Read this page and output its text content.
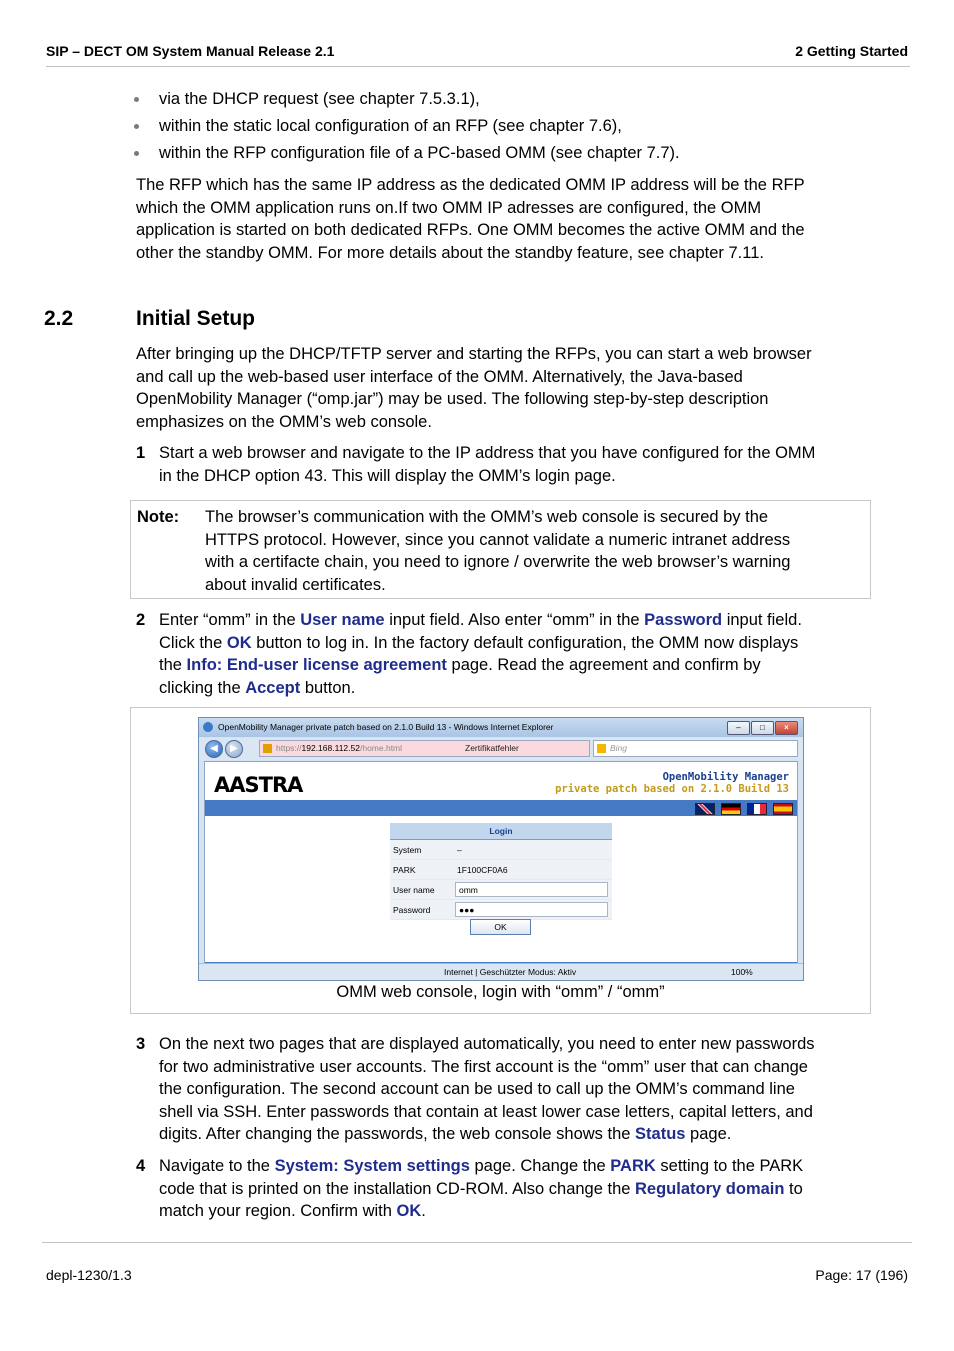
SIP – DECT OM System Manual Release 2.1	2 Getting Started
via the DHCP request (see chapter 7.5.3.1),
within the static local configuration of an RFP (see chapter 7.6),
within the RFP configuration file of a PC-based OMM (see chapter 7.7).
The RFP which has the same IP address as the dedicated OMM IP address will be the RFP
which the OMM application runs on.If two OMM IP adresses are configured, the OMM
application is started on both dedicated RFPs. One OMM becomes the active OMM and the
other the standby OMM. For more details about the standby feature, see chapter 7.11.
2.2	Initial Setup
After bringing up the DHCP/TFTP server and starting the RFPs, you can start a web browser
and call up the web-based user interface of the OMM. Alternatively, the Java-based
OpenMobility Manager (“omp.jar”) may be used. The following step-by-step description
emphasizes on the OMM’s web console.
1 Start a web browser and navigate to the IP address that you have configured for the OMM
in the DHCP option 43. This will display the OMM’s login page.
Note: The browser’s communication with the OMM’s web console is secured by the
HTTPS protocol. However, since you cannot validate a numeric intranet address
with a certifacte chain, you need to ignore / overwrite the web browser’s warning
about invalid certificates.
2 Enter “omm” in the User name input field. Also enter “omm” in the Password input field.
Click the OK button to log in. In the factory default configuration, the OMM now displays
the Info: End-user license agreement page. Read the agreement and confirm by
clicking the Accept button.
OpenMobility Manager private patch based on 2.1.0 Build 13 - Windows Internet Explorer	–	□	×
◀	▶	https://192.168.112.52/home.html	Zertifikatfehler	Bing
AASTRA	OpenMobility Manager
private patch based on 2.1.0 Build 13
Login
System	–
PARK	1F100CF0A6
User name	omm
Password	●●●
OK
Internet | Geschützter Modus: Aktiv	100%
OMM web console, login with “omm” / “omm”
3 On the next two pages that are displayed automatically, you need to enter new passwords
for two administrative user accounts. The first account is the “omm” user that can change
the configuration. The second account can be used to call up the OMM’s command line
shell via SSH. Enter passwords that contain at least lower case letters, capital letters, and
digits. After changing the passwords, the web console shows the Status page.
4 Navigate to the System: System settings page. Change the PARK setting to the PARK
code that is printed on the installation CD-ROM. Also change the Regulatory domain to
match your region. Confirm with OK.
depl-1230/1.3	Page: 17 (196)
